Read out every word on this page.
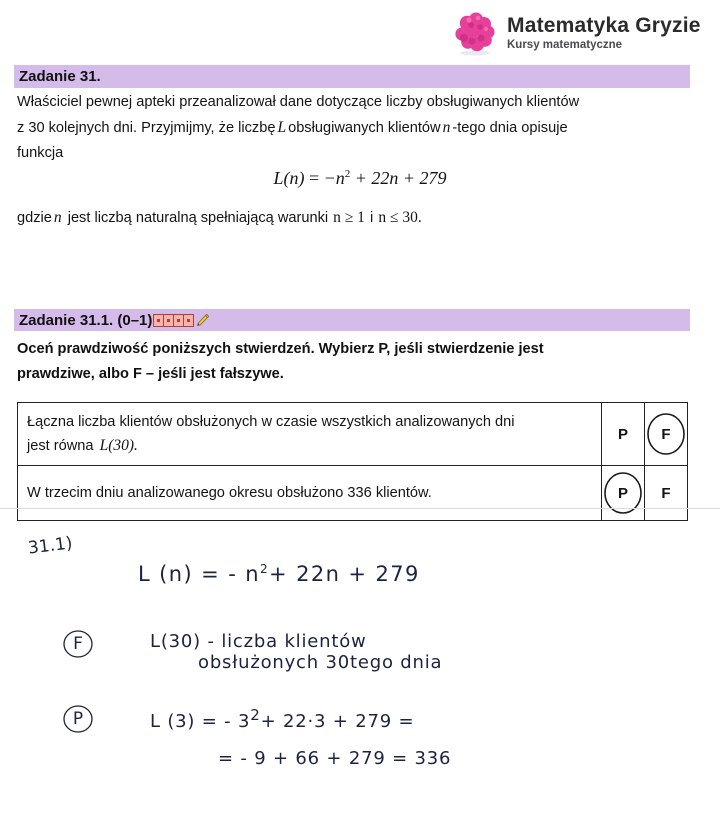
Matematyka Gryzie
Kursy matematyczne
Zadanie 31.
Właściciel pewnej apteki przeanalizował dane dotyczące liczby obsługiwanych klientów
z 30 kolejnych dni. Przyjmijmy, że liczbę L obsługiwanych klientów n -tego dnia opisuje
funkcja
$L(n) = -n^2 + 22n + 279$
gdzie n jest liczbą naturalną spełniającą warunki n ≥ 1 i n ≤ 30.
Zadanie 31.1. (0–1)
Oceń prawdziwość poniższych stwierdzeń. Wybierz P, jeśli stwierdzenie jest
prawdziwe, albo F – jeśli jest fałszywe.
Łączna liczba klientów obsłużonych w czasie wszystkich analizowanych dni
jest równa L(30).	P	F

W trzecim dniu analizowanego okresu obsłużono 336 klientów.	P	F
31.1)
L (n) = - $n^2+ 22n + 279$
F	L(30) - liczba klientów
obsłużonych 30tego dnia
P	L (3) = - $3^2+ 22\cdot 3 + 279$ =
= - 9 + 66 + 279 = 336
